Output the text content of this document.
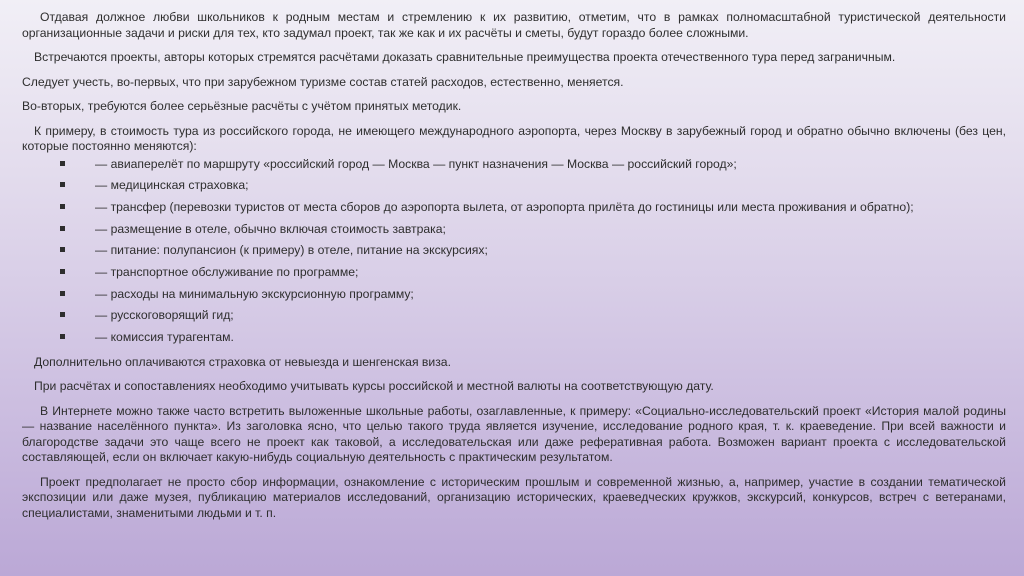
Отдавая должное любви школьников к родным местам и стремлению к их развитию, отметим, что в рамках полномасштабной туристической деятельности организационные задачи и риски для тех, кто задумал проект, так же как и их расчёты и сметы, будут гораздо более сложными.

Встречаются проекты, авторы которых стремятся расчётами доказать сравнительные преимущества проекта отечественного тура перед заграничным.

Следует учесть, во-первых, что при зарубежном туризме состав статей расходов, естественно, меняется.

Во-вторых, требуются более серьёзные расчёты с учётом принятых методик.

К примеру, в стоимость тура из российского города, не имеющего международного аэропорта, через Москву в зарубежный город и обратно обычно включены (без цен, которые постоянно меняются):

— авиаперелёт по маршруту «российский город — Москва — пункт назначения — Москва — российский город»;
— медицинская страховка;
— трансфер (перевозки туристов от места сборов до аэропорта вылета, от аэропорта прилёта до гостиницы или места проживания и обратно);
— размещение в отеле, обычно включая стоимость завтрака;
— питание: полупансион (к примеру) в отеле, питание на экскурсиях;
— транспортное обслуживание по программе;
— расходы на минимальную экскурсионную программу;
— русскоговорящий гид;
— комиссия турагентам.

Дополнительно оплачиваются страховка от невыезда и шенгенская виза.

При расчётах и сопоставлениях необходимо учитывать курсы российской и местной валюты на соответствующую дату.

В Интернете можно также часто встретить выложенные школьные работы, озаглавленные, к примеру: «Социально-исследовательский проект «История малой родины — название населённого пункта». Из заголовка ясно, что целью такого труда является изучение, исследование родного края, т. к. краеведение. При всей важности и благородстве задачи это чаще всего не проект как таковой, а исследовательская или даже реферативная работа. Возможен вариант проекта с исследовательской составляющей, если он включает какую-нибудь социальную деятельность с практическим результатом.

Проект предполагает не просто сбор информации, ознакомление с историческим прошлым и современной жизнью, а, например, участие в создании тематической экспозиции или даже музея, публикацию материалов исследований, организацию исторических, краеведческих кружков, экскурсий, конкурсов, встреч с ветеранами, специалистами, знаменитыми людьми и т. п.
